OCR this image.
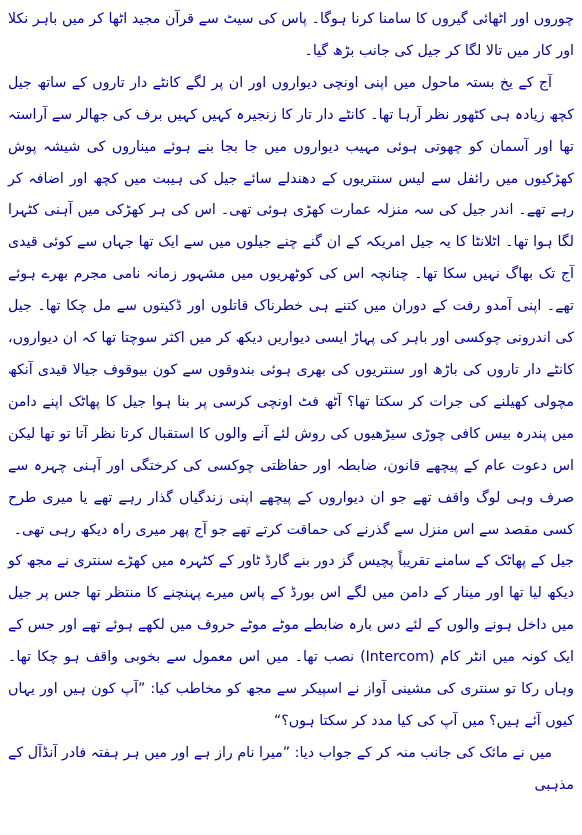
چوروں اور اٹھائی گیروں کا سامنا کرنا ہوگا۔ پاس کی سیٹ سے قرآن مجید اٹھا کر میں باہر نکلا اور کار میں تالا لگا کر جیل کی جانب بڑھ گیا۔

آج کے یخ بستہ ماحول میں اپنی اونچی دیواروں اور ان پر لگے کانٹے دار تاروں کے ساتھ جیل کچھ زیادہ ہی کٹھور نظر آرہا تھا۔ کانٹے دار تار کا زنجیرہ کہیں کہیں برف کی جھالر سے آراستہ تھا اور آسمان کو چھوتی ہوئی مہیب دیواروں میں جا بجا بنے ہوئے میناروں کی شیشہ پوش کھڑکیوں میں رائفل سے لیس سنتریوں کے دھندلے سائے جیل کی ہیبت میں کچھ اور اضافہ کر رہے تھے۔ اندر جیل کی سہ منزلہ عمارت کھڑی ہوئی تھی۔ اس کی ہر کھڑکی میں آہنی کٹہرا لگا ہوا تھا۔ اٹلانٹا کا یہ جیل امریکہ کے ان گنے چنے جیلوں میں سے ایک تھا جہاں سے کوئی قیدی آج تک بھاگ نہیں سکا تھا۔ چنانچہ اس کی کوٹھریوں میں مشہور زمانہ نامی مجرم بھرے ہوئے تھے۔ اپنی آمدو رفت کے دوران میں کتنے ہی خطرناک قاتلوں اور ڈکیتوں سے مل چکا تھا۔ جیل کی اندرونی چوکسی اور باہر کی پہاڑ ایسی دیواریں دیکھ کر میں اکثر سوچتا تھا کہ ان دیواروں، کانٹے دار تاروں کی باڑھ اور سنتریوں کی بھری ہوئی بندوقوں سے کون بیوقوف جیالا قیدی آنکھ مچولی کھیلنے کی جرات کر سکتا تھا؟ آٹھ فٹ اونچی کرسی پر بنا ہوا جیل کا پھاٹک اپنے دامن میں پندرہ بیس کافی چوڑی سیڑھیوں کی روش لئے آنے والوں کا استقبال کرتا نظر آتا تو تھا لیکن اس دعوت عام کے پیچھے قانون، ضابطہ اور حفاظتی چوکسی کی کرختگی اور آہنی چہرہ سے صرف وہی لوگ واقف تھے جو ان دیواروں کے پیچھے اپنی زندگیاں گذار رہے تھے یا میری طرح کسی مقصد سے اس منزل سے گذرنے کی حماقت کرتے تھے جو آج پھر میری راہ دیکھ رہی تھی۔

جیل کے پھاٹک کے سامنے تقریباً پچیس گز دور بنے گارڈ ٹاور کے کٹہرہ میں کھڑے سنتری نے مجھ کو دیکھ لیا تھا اور مینار کے دامن میں لگے اس بورڈ کے پاس میرے پہنچنے کا منتظر تھا جس پر جیل میں داخل ہونے والوں کے لئے دس بارہ ضابطے موٹے موٹے حروف میں لکھے ہوئے تھے اور جس کے ایک کونہ میں انٹر کام (Intercom) نصب تھا۔ میں اس معمول سے بخوبی واقف ہو چکا تھا۔ وہاں رکا تو سنتری کی مشینی آواز نے اسپیکر سے مجھ کو مخاطب کیا: ”آپ کون ہیں اور یہاں کیوں آئے ہیں؟ میں آپ کی کیا مدد کر سکتا ہوں؟“

میں نے مائک کی جانب منہ کر کے جواب دیا: ”میرا نام راز ہے اور میں ہر ہفتہ فادر آنڈآل کے مذہبی
